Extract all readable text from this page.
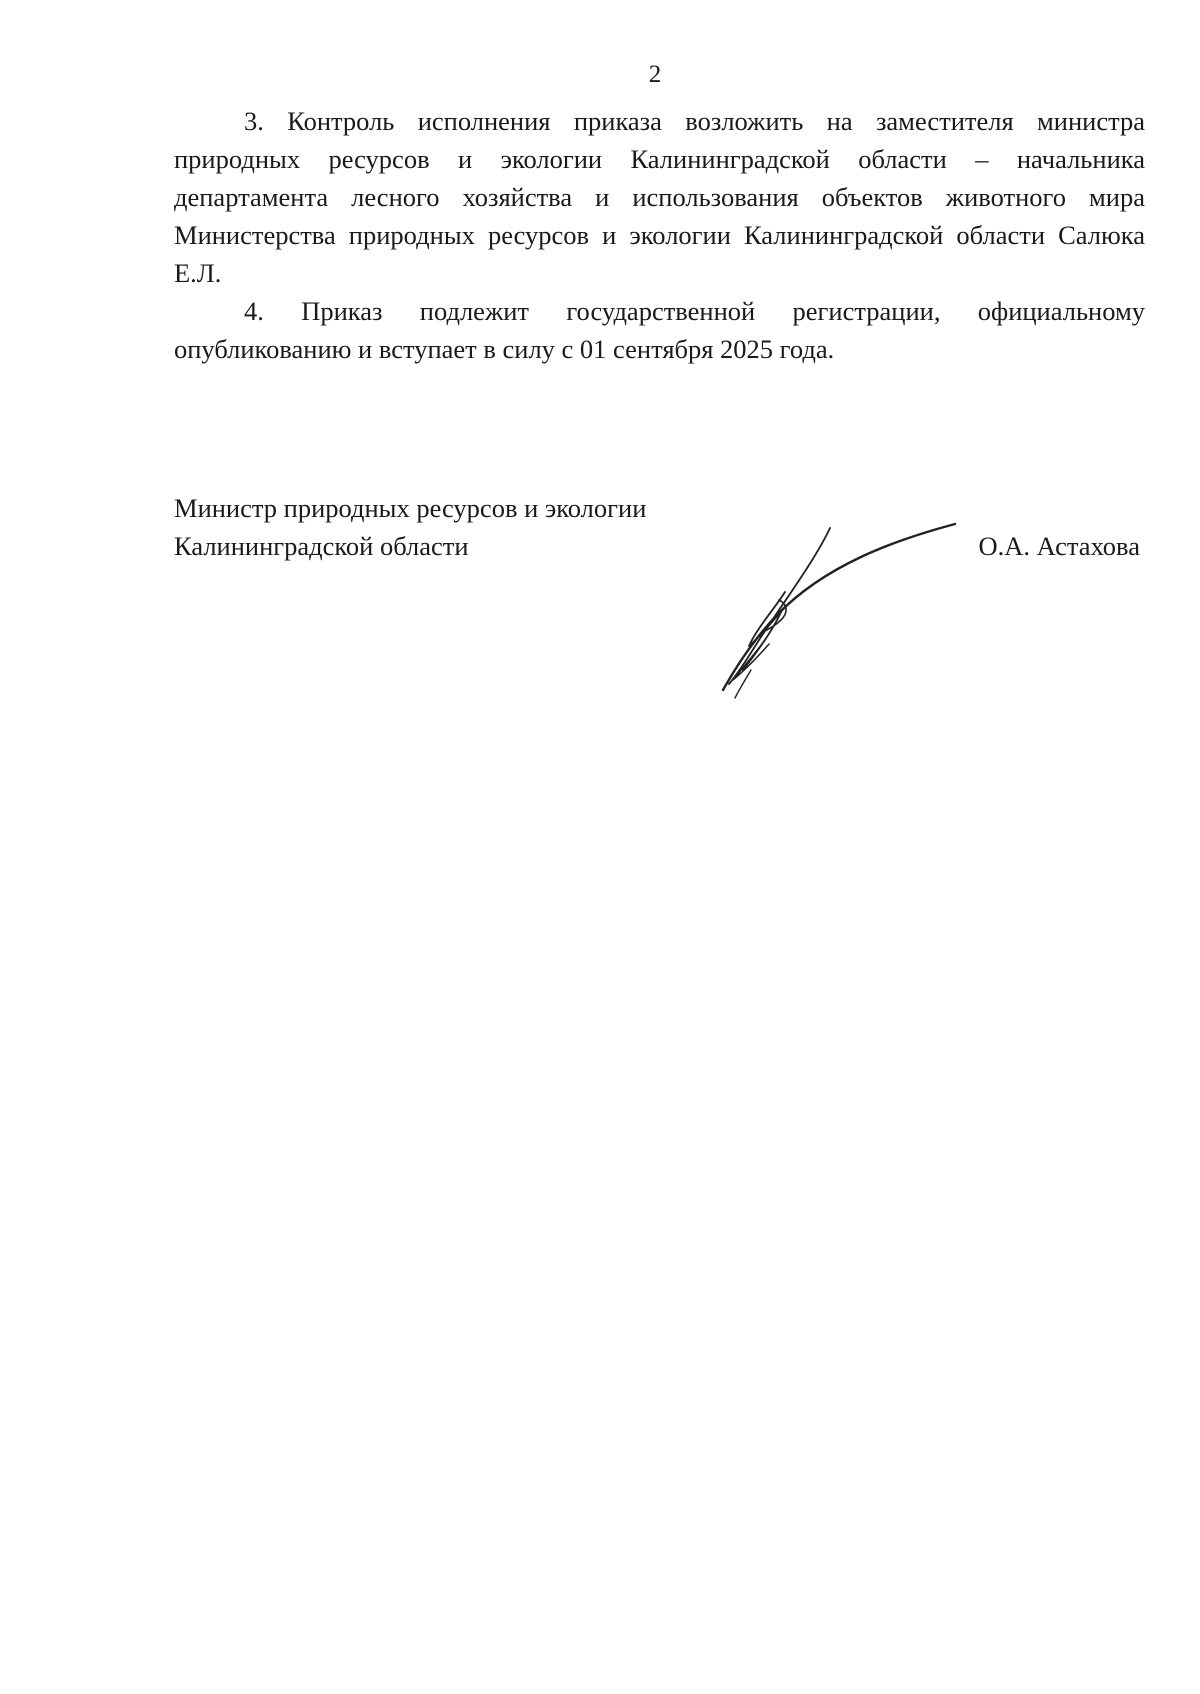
2

3. Контроль исполнения приказа возложить на заместителя министра природных ресурсов и экологии Калининградской области – начальника департамента лесного хозяйства и использования объектов животного мира Министерства природных ресурсов и экологии Калининградской области Салюка Е.Л.

4. Приказ подлежит государственной регистрации, официальному опубликованию и вступает в силу с 01 сентября 2025 года.

Министр природных ресурсов и экологии
Калининградской области	О.А. Астахова
